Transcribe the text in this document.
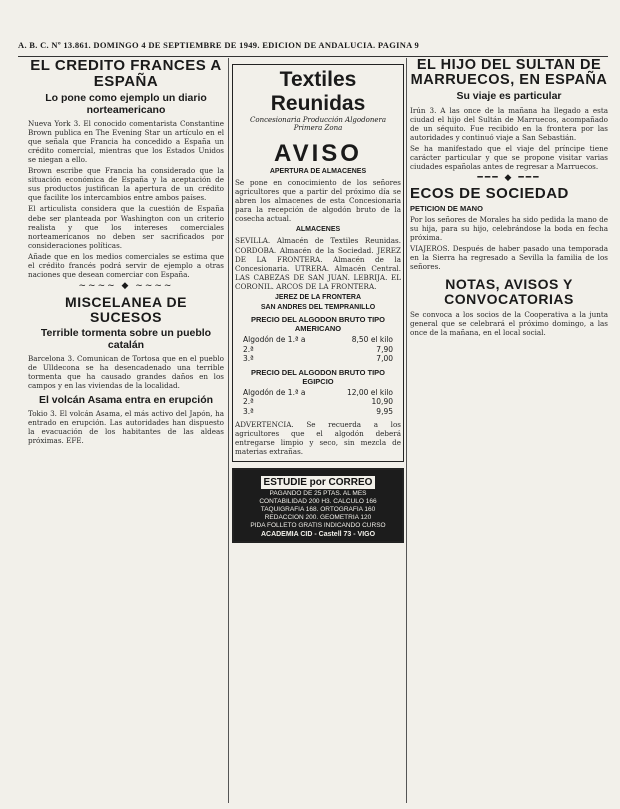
A. B. C. Nº 13.861. DOMINGO 4 DE SEPTIEMBRE DE 1949. EDICION DE ANDALUCIA. PAGINA 9
EL CREDITO FRANCES A ESPAÑA
Lo pone como ejemplo un diario norteamericano

Nueva York 3. El conocido comentarista Constantine Brown publica en The Evening Star un artículo en el que señala que Francia ha concedido a España un crédito comercial, mientras que los Estados Unidos se niegan a ello.

Brown escribe que Francia ha considerado que la situación económica de España y la aceptación de sus productos justifican la apertura de un crédito que facilite los intercambios entre ambos países.

El articulista considera que la cuestión de España debe ser planteada por Washington con un criterio realista y que los intereses comerciales norteamericanos no deben ser sacrificados por consideraciones políticas.

Añade que en los medios comerciales se estima que el crédito francés podrá servir de ejemplo a otras naciones que desean comerciar con España.

~~~~ ◆ ~~~~
MISCELANEA DE SUCESOS
Terrible tormenta sobre un pueblo catalán

Barcelona 3. Comunican de Tortosa que en el pueblo de Ulldecona se ha desencadenado una terrible tormenta que ha causado grandes daños en los campos y en las viviendas de la localidad.

El volcán Asama entra en erupción

Tokio 3. El volcán Asama, el más activo del Japón, ha entrado en erupción. Las autoridades han dispuesto la evacuación de los habitantes de las aldeas próximas. EFE.

Textiles Reunidas
Concesionaria Producción Algodonera
Primera Zona
AVISO
APERTURA DE ALMACENES

Se pone en conocimiento de los señores agricultores que a partir del próximo día se abren los almacenes de esta Concesionaria para la recepción de algodón bruto de la cosecha actual.

ALMACENES

SEVILLA. Almacén de Textiles Reunidas. CORDOBA. Almacén de la Sociedad. JEREZ DE LA FRONTERA. Almacén de la Concesionaria. UTRERA. Almacén Central. LAS CABEZAS DE SAN JUAN. LEBRIJA. EL CORONIL. ARCOS DE LA FRONTERA.

JEREZ DE LA FRONTERA
SAN ANDRES DEL TEMPRANILLO
PRECIO DEL ALGODON BRUTO TIPO AMERICANO
Algodón de 1.ª a	8,50 el kilo
2.ª	7,90
3.ª	7,00
PRECIO DEL ALGODON BRUTO TIPO EGIPCIO
Algodón de 1.ª a	12,00 el kilo
2.ª	10,90
3.ª	9,95

ADVERTENCIA. Se recuerda a los agricultores que el algodón deberá entregarse limpio y seco, sin mezcla de materias extrañas.

ESTUDIE por CORREO
PAGANDO DE 25 PTAS. AL MES
CONTABILIDAD 200 H3. CALCULO 166
TAQUIGRAFIA 168. ORTOGRAFIA 160
REDACCION 200. GEOMETRIA 120
PIDA FOLLETO GRATIS INDICANDO CURSO
ACADEMIA CID - Castell 73 - VIGO
EL HIJO DEL SULTAN DE MARRUECOS, EN ESPAÑA
Su viaje es particular

Irún 3. A las once de la mañana ha llegado a esta ciudad el hijo del Sultán de Marruecos, acompañado de un séquito. Fue recibido en la frontera por las autoridades y continuó viaje a San Sebastián.

Se ha manifestado que el viaje del príncipe tiene carácter particular y que se propone visitar varias ciudades españolas antes de regresar a Marruecos.

━━━ ◆ ━━━
ECOS DE SOCIEDAD
PETICION DE MANO

Por los señores de Morales ha sido pedida la mano de su hija, para su hijo, celebrándose la boda en fecha próxima.

VIAJEROS. Después de haber pasado una temporada en la Sierra ha regresado a Sevilla la familia de los señores.

NOTAS, AVISOS Y CONVOCATORIAS

Se convoca a los socios de la Cooperativa a la junta general que se celebrará el próximo domingo, a las once de la mañana, en el local social.
